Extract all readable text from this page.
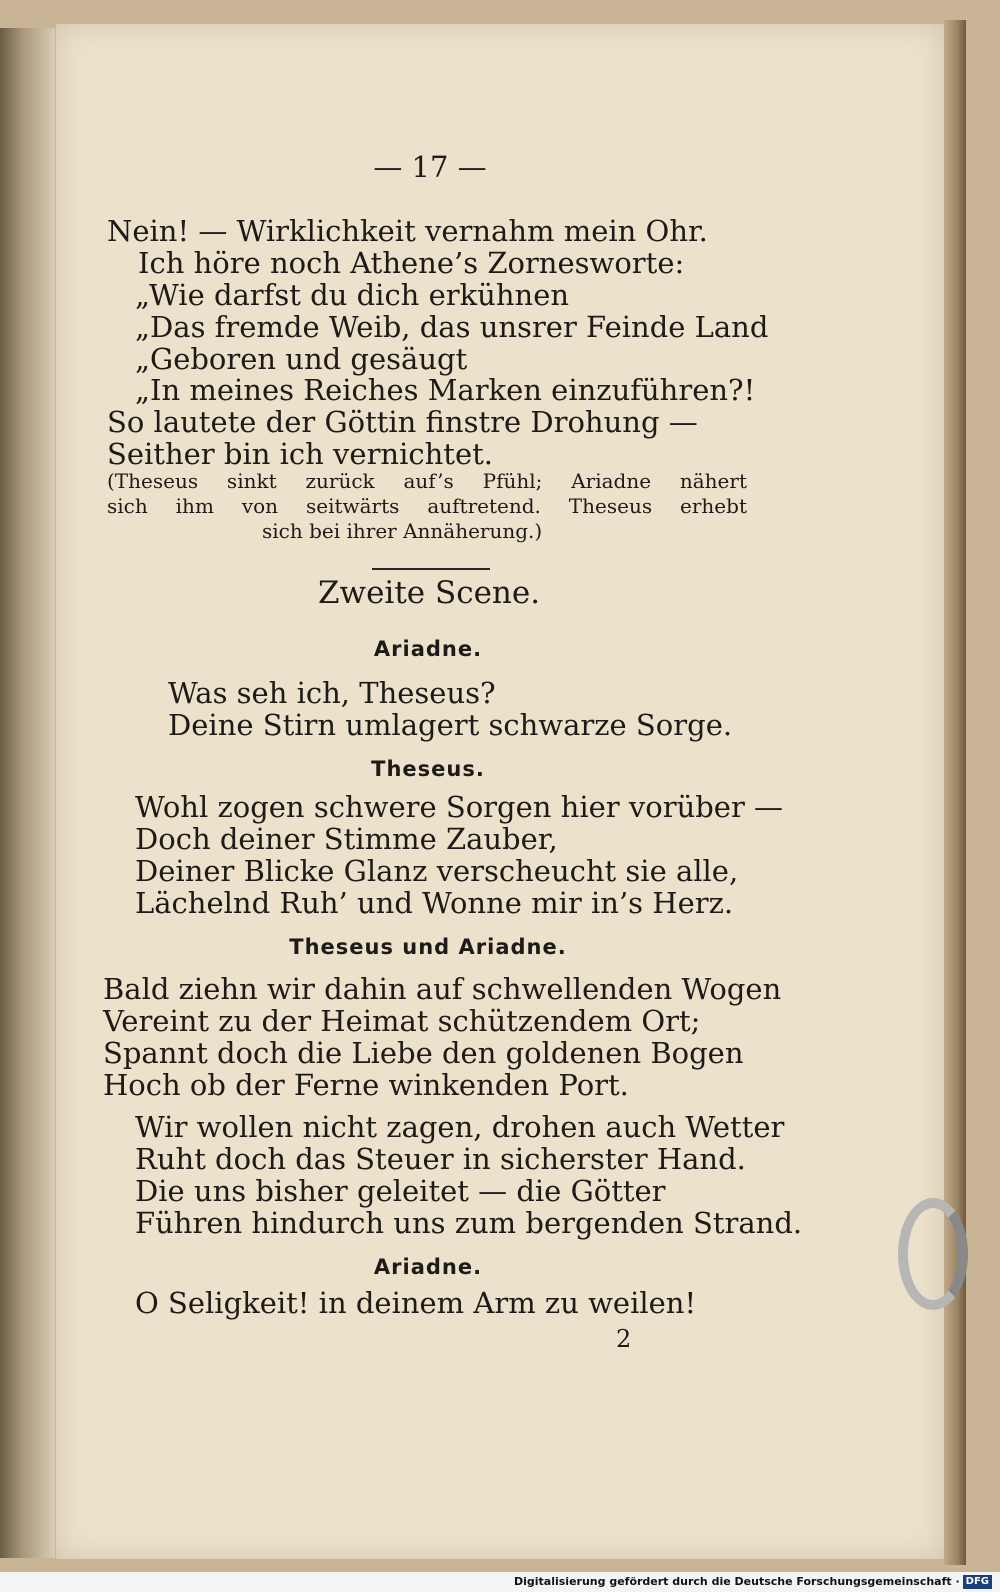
— 17 —

Nein! — Wirklichkeit vernahm mein Ohr.

Ich höre noch Athene’s Zornesworte:

„Wie darfst du dich erkühnen

„Das fremde Weib, das unsrer Feinde Land

„Geboren und gesäugt

„In meines Reiches Marken einzuführen?!

So lautete der Göttin finstre Drohung —

Seither bin ich vernichtet.

(Theseus sinkt zurück auf’s Pfühl; Ariadne nähert

sich ihm von seitwärts auftretend. Theseus erhebt

sich bei ihrer Annäherung.)

Zweite Scene.

Ariadne.

Was seh ich, Theseus?

Deine Stirn umlagert schwarze Sorge.

Theseus.

Wohl zogen schwere Sorgen hier vorüber —

Doch deiner Stimme Zauber,

Deiner Blicke Glanz verscheucht sie alle,

Lächelnd Ruh’ und Wonne mir in’s Herz.

Theseus und Ariadne.

Bald ziehn wir dahin auf schwellenden Wogen

Vereint zu der Heimat schützendem Ort;

Spannt doch die Liebe den goldenen Bogen

Hoch ob der Ferne winkenden Port.

Wir wollen nicht zagen, drohen auch Wetter

Ruht doch das Steuer in sicherster Hand.

Die uns bisher geleitet — die Götter

Führen hindurch uns zum bergenden Strand.

Ariadne.

O Seligkeit! in deinem Arm zu weilen!

2

Digitalisierung gefördert durch die Deutsche Forschungsgemeinschaft · DFG
